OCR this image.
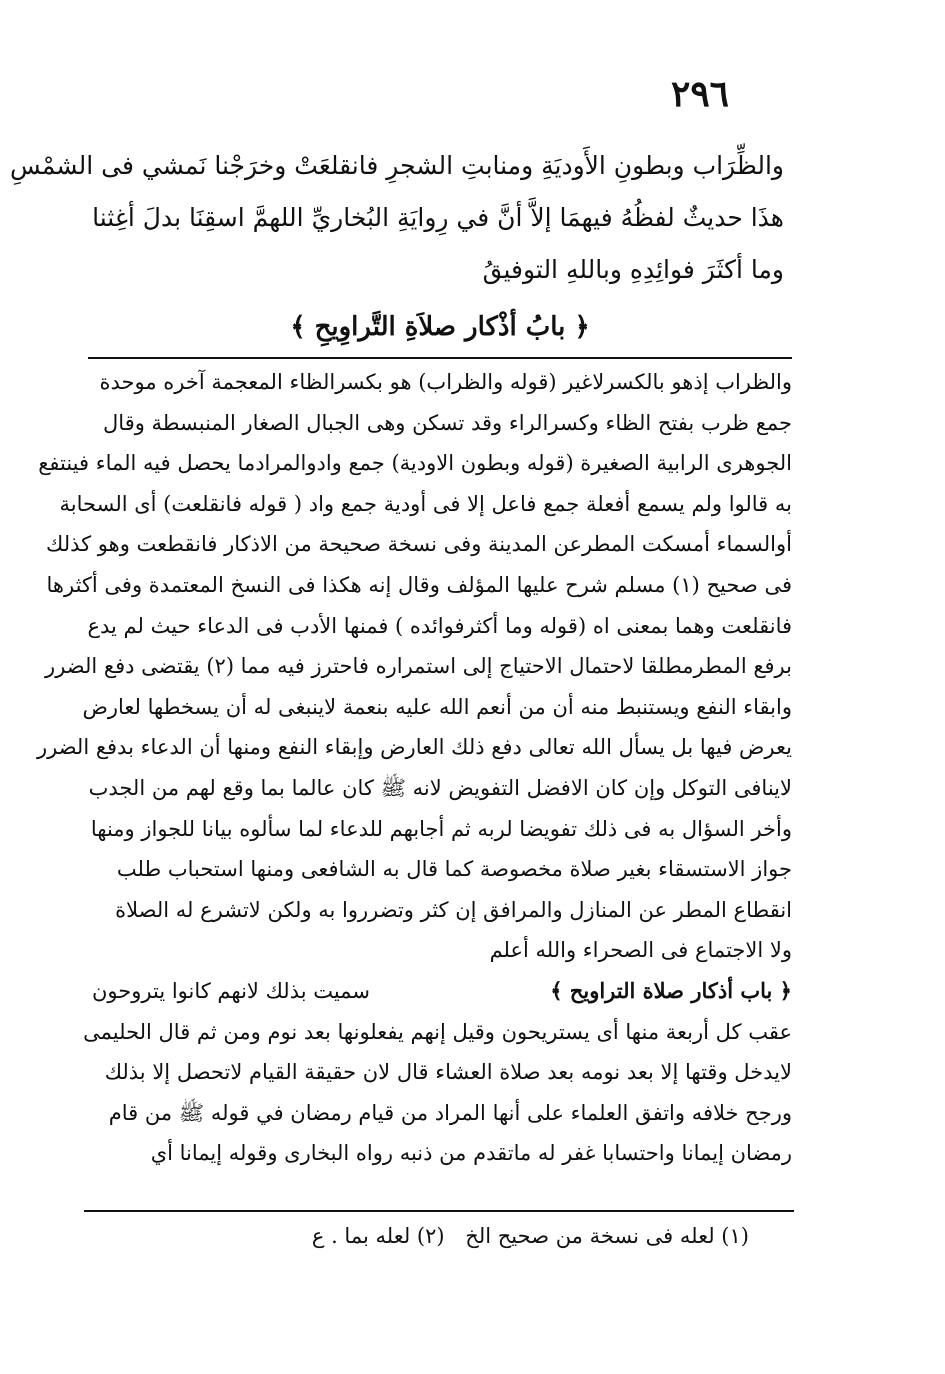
٢٩٦
والظِّرَاب وبطونِ الأَوديَةِ ومنابتِ الشجرِ فانقلعَتْ وخرَجْنا نَمشي فى الشمْسِ
هذَا حديثٌ لفظُهُ فيهمَا إلاَّ أنَّ في رِوايَةِ البُخاريِّ اللهمَّ اسقِنَا بدلَ أغِثنا
وما أكثَرَ فوائِدِهِ وباللهِ التوفيقُ
﴿ بابُ أذْكار صلاَةِ التَّراوِيحِ ﴾
والظراب إذهو بالكسرلاغير (قوله والظراب) هو بكسرالظاء المعجمة آخره موحدة
جمع ظرب بفتح الظاء وكسرالراء وقد تسكن وهى الجبال الصغار المنبسطة وقال
الجوهرى الرابية الصغيرة (قوله وبطون الاودية) جمع وادوالمرادما يحصل فيه الماء فينتفع
به قالوا ولم يسمع أفعلة جمع فاعل إلا فى أودية جمع واد ( قوله فانقلعت) أى السحابة
أوالسماء أمسكت المطرعن المدينة وفى نسخة صحيحة من الاذكار فانقطعت وهو كذلك
فى صحيح (١) مسلم شرح عليها المؤلف وقال إنه هكذا فى النسخ المعتمدة وفى أكثرها
فانقلعت وهما بمعنى اه (قوله وما أكثرفوائده ) فمنها الأدب فى الدعاء حيث لم يدع
برفع المطرمطلقا لاحتمال الاحتياج إلى استمراره فاحترز فيه مما (٢) يقتضى دفع الضرر
وابقاء النفع ويستنبط منه أن من أنعم الله عليه بنعمة لاينبغى له أن يسخطها لعارض
يعرض فيها بل يسأل الله تعالى دفع ذلك العارض وإبقاء النفع ومنها أن الدعاء بدفع الضرر
لاينافى التوكل وإن كان الافضل التفويض لانه ﷺ كان عالما بما وقع لهم من الجدب
وأخر السؤال به فى ذلك تفويضا لربه ثم أجابهم للدعاء لما سألوه بيانا للجواز ومنها
جواز الاستسقاء بغير صلاة مخصوصة كما قال به الشافعى ومنها استحباب طلب
انقطاع المطر عن المنازل والمرافق إن كثر وتضرروا به ولكن لاتشرع له الصلاة
ولا الاجتماع فى الصحراء والله أعلم
﴿ باب أذكار صلاة التراويح ﴾
سميت بذلك لانهم كانوا يتروحون
عقب كل أربعة منها أى يستريحون وقيل إنهم يفعلونها بعد نوم ومن ثم قال الحليمى
لايدخل وقتها إلا بعد نومه بعد صلاة العشاء قال لان حقيقة القيام لاتحصل إلا بذلك
ورجح خلافه واتفق العلماء على أنها المراد من قيام رمضان في قوله ﷺ من قام
رمضان إيمانا واحتسابا غفر له ماتقدم من ذنبه رواه البخارى وقوله إيمانا أي
(١) لعله فى نسخة من صحيح الخ (٢) لعله بما . ع
